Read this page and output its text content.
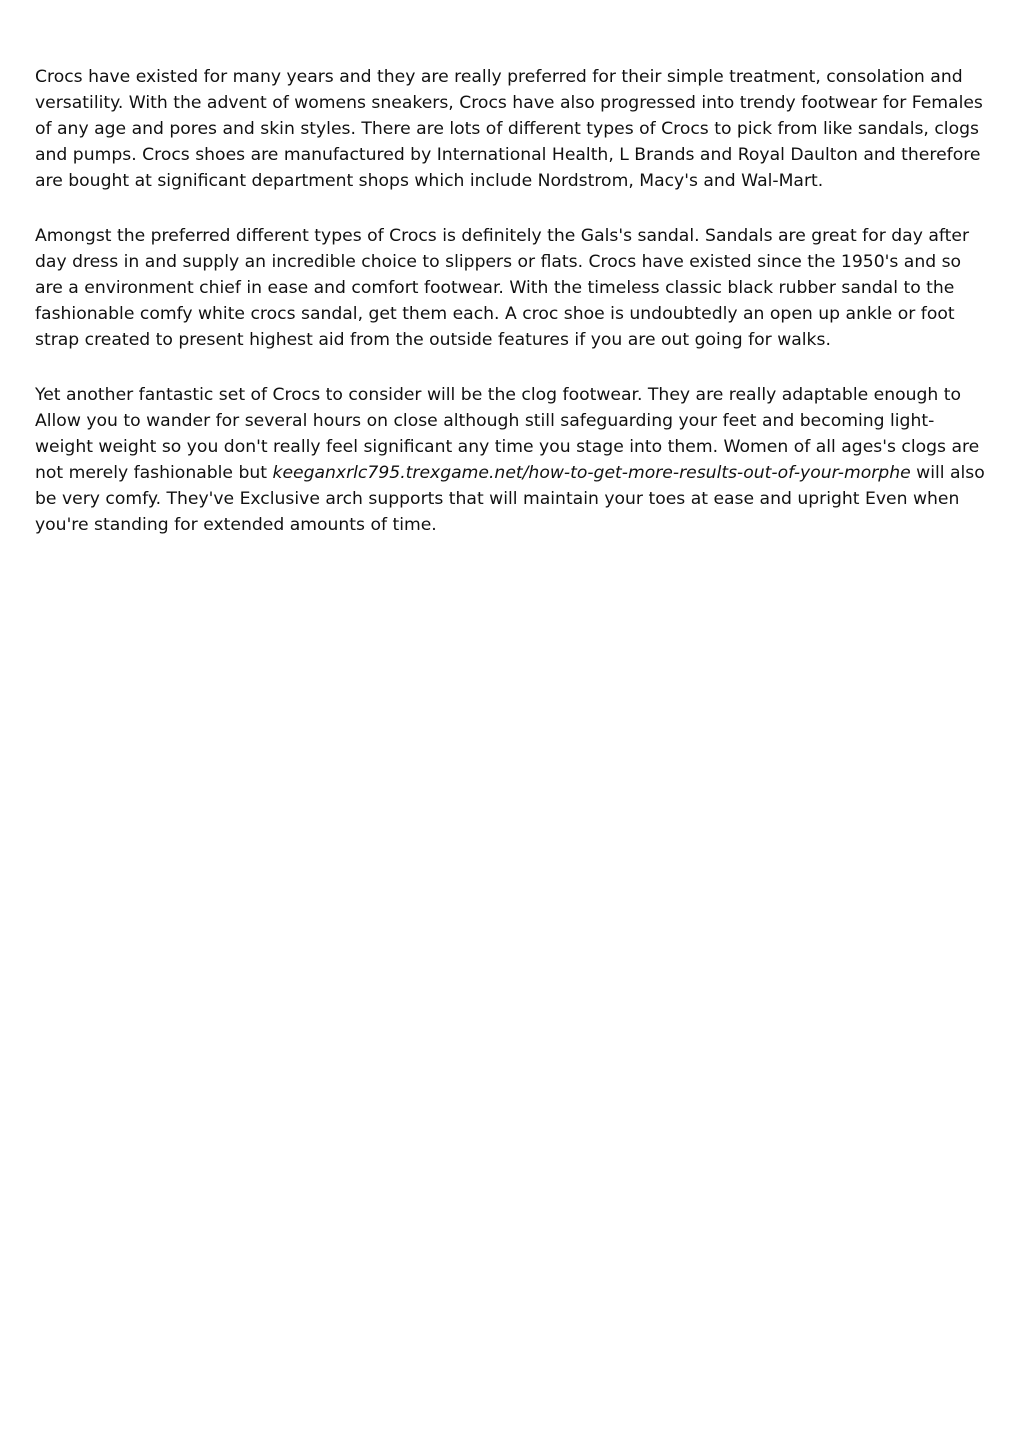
Crocs have existed for many years and they are really preferred for their simple treatment, consolation and versatility. With the advent of womens sneakers, Crocs have also progressed into trendy footwear for Females of any age and pores and skin styles. There are lots of different types of Crocs to pick from like sandals, clogs and pumps. Crocs shoes are manufactured by International Health, L Brands and Royal Daulton and therefore are bought at significant department shops which include Nordstrom, Macy's and Wal-Mart.

Amongst the preferred different types of Crocs is definitely the Gals's sandal. Sandals are great for day after day dress in and supply an incredible choice to slippers or flats. Crocs have existed since the 1950's and so are a environment chief in ease and comfort footwear. With the timeless classic black rubber sandal to the fashionable comfy white crocs sandal, get them each. A croc shoe is undoubtedly an open up ankle or foot strap created to present highest aid from the outside features if you are out going for walks.

Yet another fantastic set of Crocs to consider will be the clog footwear. They are really adaptable enough to Allow you to wander for several hours on close although still safeguarding your feet and becoming light-weight weight so you don't really feel significant any time you stage into them. Women of all ages's clogs are not merely fashionable but keeganxrlc795.trexgame.net/how-to-get-more-results-out-of-your-morphe will also be very comfy. They've Exclusive arch supports that will maintain your toes at ease and upright Even when you're standing for extended amounts of time.
